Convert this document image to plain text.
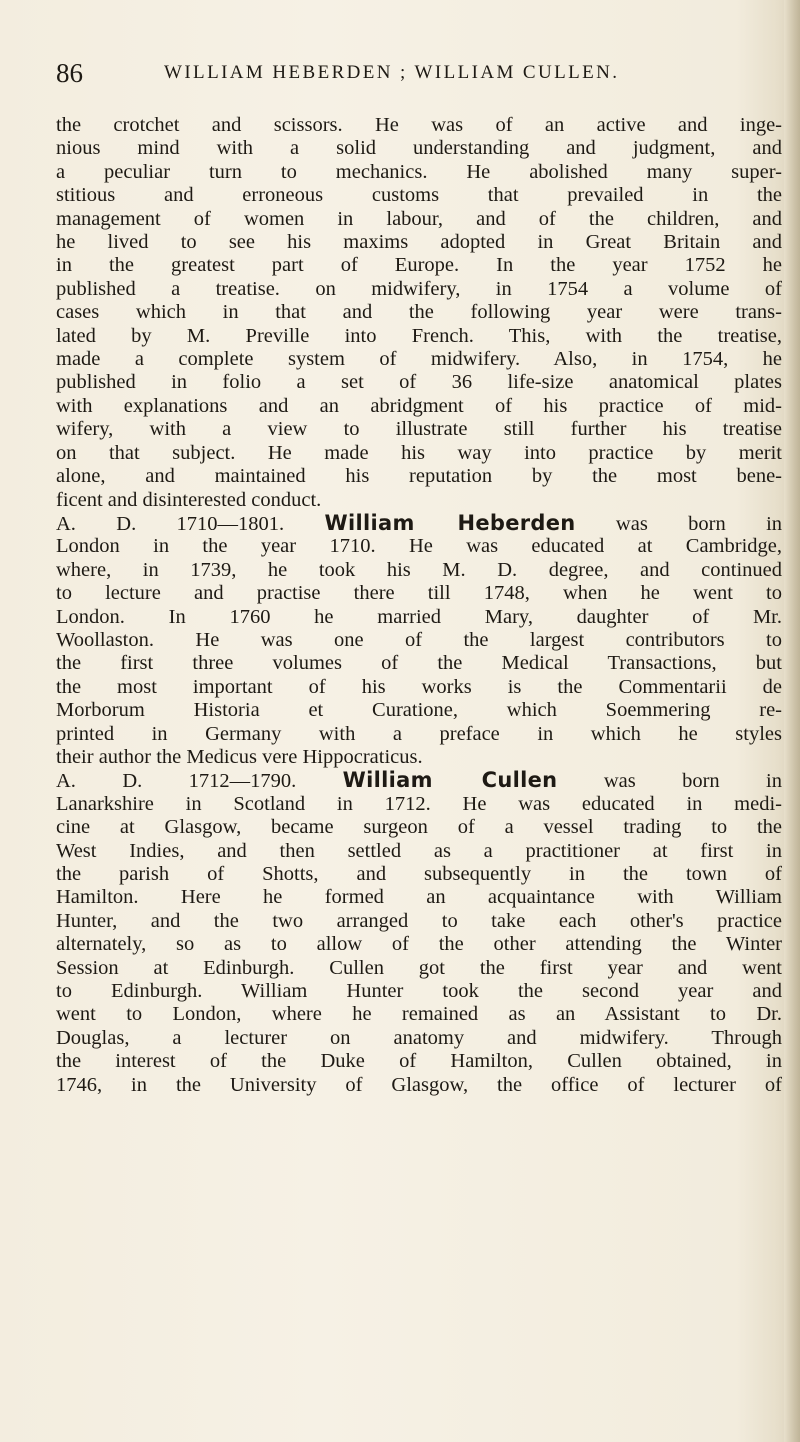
86	WILLIAM HEBERDEN ; WILLIAM CULLEN.
the crotchet and scissors. He was of an active and inge-
nious mind with a solid understanding and judgment, and
a peculiar turn to mechanics. He abolished many super-
stitious and erroneous customs that prevailed in the
management of women in labour, and of the children, and
he lived to see his maxims adopted in Great Britain and
in the greatest part of Europe. In the year 1752 he
published a treatise. on midwifery, in 1754 a volume of
cases which in that and the following year were trans-
lated by M. Preville into French. This, with the treatise,
made a complete system of midwifery. Also, in 1754, he
published in folio a set of 36 life-size anatomical plates
with explanations and an abridgment of his practice of mid-
wifery, with a view to illustrate still further his treatise
on that subject. He made his way into practice by merit
alone, and maintained his reputation by the most bene-
ficent and disinterested conduct.
A. D. 1710—1801. William Heberden was born in
London in the year 1710. He was educated at Cambridge,
where, in 1739, he took his M. D. degree, and continued
to lecture and practise there till 1748, when he went to
London. In 1760 he married Mary, daughter of Mr.
Woollaston. He was one of the largest contributors to
the first three volumes of the Medical Transactions, but
the most important of his works is the Commentarii de
Morborum Historia et Curatione, which Soemmering re-
printed in Germany with a preface in which he styles
their author the Medicus vere Hippocraticus.
A. D. 1712—1790. William Cullen was born in
Lanarkshire in Scotland in 1712. He was educated in medi-
cine at Glasgow, became surgeon of a vessel trading to the
West Indies, and then settled as a practitioner at first in
the parish of Shotts, and subsequently in the town of
Hamilton. Here he formed an acquaintance with William
Hunter, and the two arranged to take each other's practice
alternately, so as to allow of the other attending the Winter
Session at Edinburgh. Cullen got the first year and went
to Edinburgh. William Hunter took the second year and
went to London, where he remained as an Assistant to Dr.
Douglas, a lecturer on anatomy and midwifery. Through
the interest of the Duke of Hamilton, Cullen obtained, in
1746, in the University of Glasgow, the office of lecturer of
